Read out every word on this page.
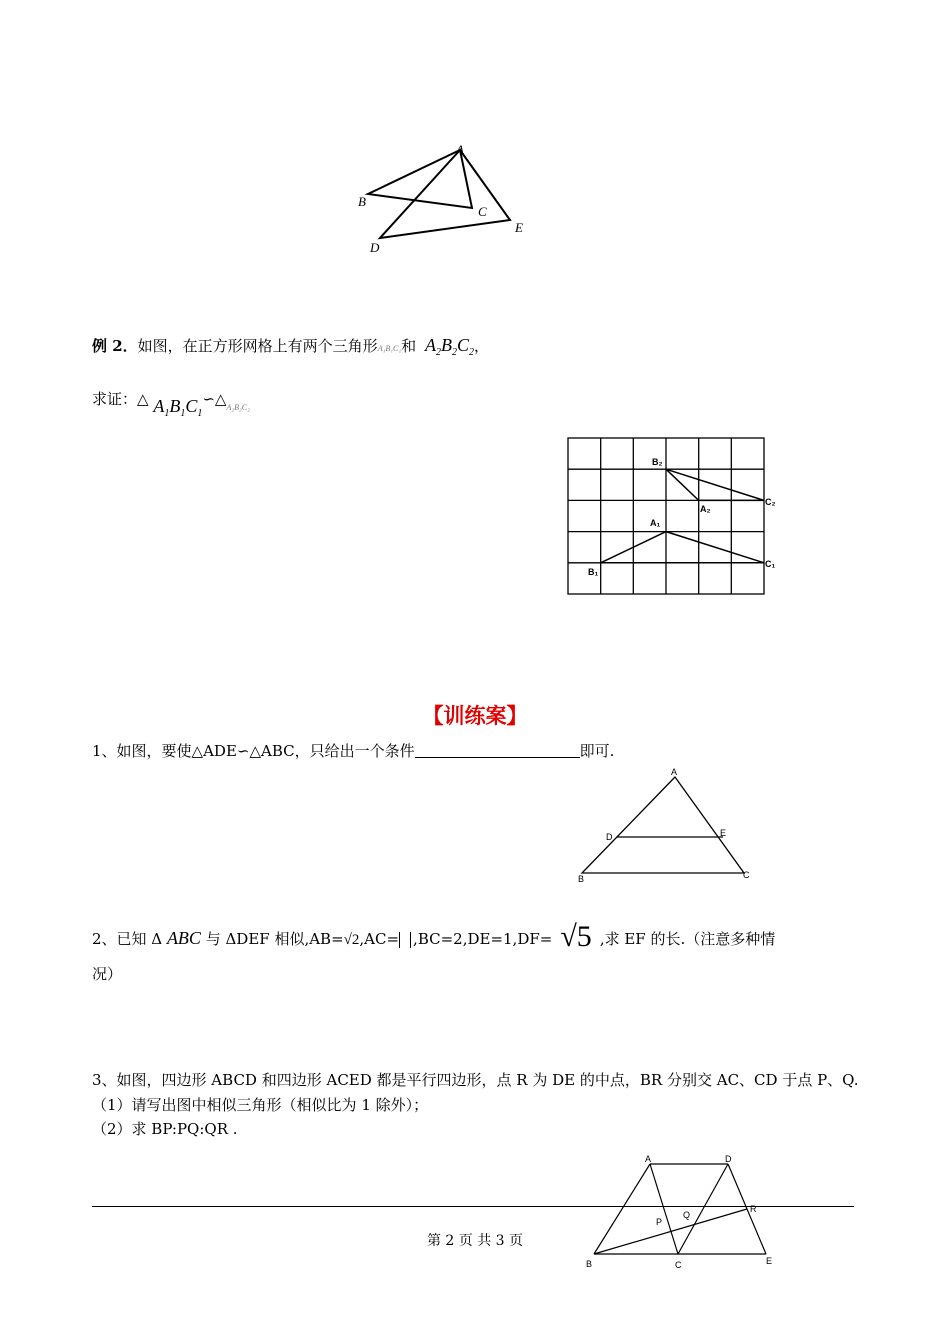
A
B
C
D
E
例 2．如图，在正方形网格上有两个三角形A₁B₁C₁和 $A_2B_2C_2$，
求证：△ $A_1B_1C_1∽\triangle_{A_2B_2C_2}$
B₂
A₂
C₂
A₁
B₁
C₁
【训练案】
1、如图，要使△ADE∽△ABC，只给出一个条件	即可.
A
B	C
D	E
2、已知 Δ ABC 与 ΔDEF 相似,AB=√2,AC= ,BC=2,DE=1,DF= √5 ,求 EF 的长.（注意多种情
况）
3、如图，四边形 ABCD 和四边形 ACED 都是平行四边形，点 R 为 DE 的中点，BR 分别交 AC、CD 于点 P、Q.
（1）请写出图中相似三角形（相似比为 1 除外）；
（2）求 BP:PQ:QR .
第 2 页 共 3 页
A	D
P
Q
R
B	C	E
